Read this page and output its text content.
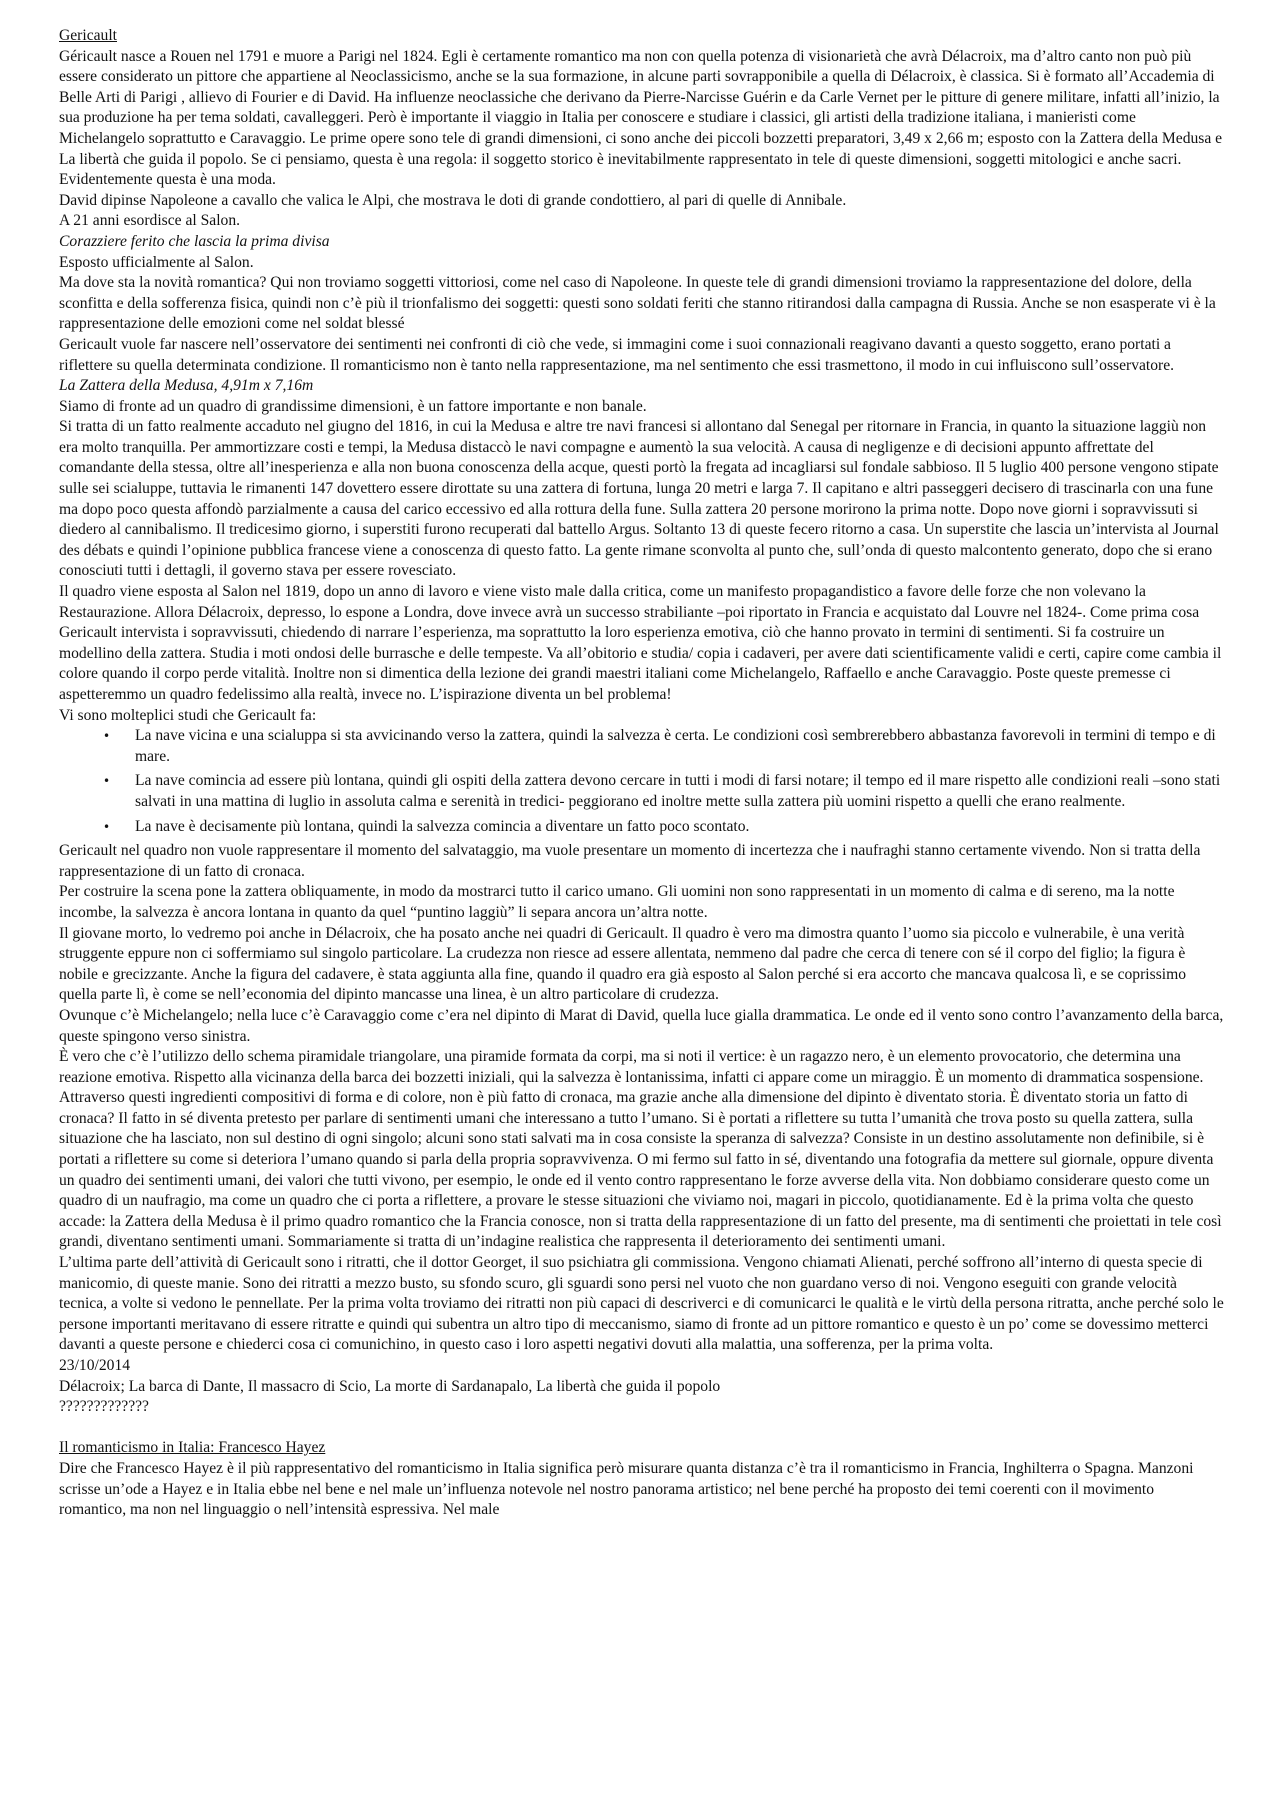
Gericault

Géricault nasce a Rouen nel 1791 e muore a Parigi nel 1824. Egli è certamente romantico ma non con quella potenza di visionarietà che avrà Délacroix, ma d’altro canto non può più essere considerato un pittore che appartiene al Neoclassicismo, anche se la sua formazione, in alcune parti sovrapponibile a quella di Délacroix, è classica. Si è formato all’Accademia di Belle Arti di Parigi , allievo di Fourier e di David. Ha influenze neoclassiche che derivano da Pierre-Narcisse Guérin e da Carle Vernet per le pitture di genere militare, infatti all’inizio, la sua produzione ha per tema soldati, cavalleggeri. Però è importante il viaggio in Italia per conoscere e studiare i classici, gli artisti della tradizione italiana, i manieristi come Michelangelo soprattutto e Caravaggio. Le prime opere sono tele di grandi dimensioni, ci sono anche dei piccoli bozzetti preparatori, 3,49 x 2,66 m; esposto con la Zattera della Medusa e La libertà che guida il popolo. Se ci pensiamo, questa è una regola: il soggetto storico è inevitabilmente rappresentato in tele di queste dimensioni, soggetti mitologici e anche sacri. Evidentemente questa è una moda.

David dipinse Napoleone a cavallo che valica le Alpi, che mostrava le doti di grande condottiero, al pari di quelle di Annibale.

A 21 anni esordisce al Salon.

Corazziere ferito che lascia la prima divisa

Esposto ufficialmente al Salon.

Ma dove sta la novità romantica? Qui non troviamo soggetti vittoriosi, come nel caso di Napoleone. In queste tele di grandi dimensioni troviamo la rappresentazione del dolore, della sconfitta e della sofferenza fisica, quindi non c’è più il trionfalismo dei soggetti: questi sono soldati feriti che stanno ritirandosi dalla campagna di Russia. Anche se non esasperate vi è la rappresentazione delle emozioni come nel soldat blessé

Gericault vuole far nascere nell’osservatore dei sentimenti nei confronti di ciò che vede, si immagini come i suoi connazionali reagivano davanti a questo soggetto, erano portati a riflettere su quella determinata condizione. Il romanticismo non è tanto nella rappresentazione, ma nel sentimento che essi trasmettono, il modo in cui influiscono sull’osservatore.

La Zattera della Medusa, 4,91m x 7,16m

Siamo di fronte ad un quadro di grandissime dimensioni, è un fattore importante e non banale.

Si tratta di un fatto realmente accaduto nel giugno del 1816, in cui la Medusa e altre tre navi francesi si allontano dal Senegal per ritornare in Francia, in quanto la situazione laggiù non era molto tranquilla. Per ammortizzare costi e tempi, la Medusa distaccò le navi compagne e aumentò la sua velocità. A causa di negligenze e di decisioni appunto affrettate del comandante della stessa, oltre all’inesperienza e alla non buona conoscenza della acque, questi portò la fregata ad incagliarsi sul fondale sabbioso. Il 5 luglio 400 persone vengono stipate sulle sei scialuppe, tuttavia le rimanenti 147 dovettero essere dirottate su una zattera di fortuna, lunga 20 metri e larga 7. Il capitano e altri passeggeri decisero di trascinarla con una fune ma dopo poco questa affondò parzialmente a causa del carico eccessivo ed alla rottura della fune. Sulla zattera 20 persone morirono la prima notte. Dopo nove giorni i sopravvissuti si diedero al cannibalismo. Il tredicesimo giorno, i superstiti furono recuperati dal battello Argus. Soltanto 13 di queste fecero ritorno a casa. Un superstite che lascia un’intervista al Journal des débats e quindi l’opinione pubblica francese viene a conoscenza di questo fatto. La gente rimane sconvolta al punto che, sull’onda di questo malcontento generato, dopo che si erano conosciuti tutti i dettagli, il governo stava per essere rovesciato.

Il quadro viene esposta al Salon nel 1819, dopo un anno di lavoro e viene visto male dalla critica, come un manifesto propagandistico a favore delle forze che non volevano la Restaurazione. Allora Délacroix, depresso, lo espone a Londra, dove invece avrà un successo strabiliante –poi riportato in Francia e acquistato dal Louvre nel 1824-. Come prima cosa Gericault intervista i sopravvissuti, chiedendo di narrare l’esperienza, ma soprattutto la loro esperienza emotiva, ciò che hanno provato in termini di sentimenti. Si fa costruire un modellino della zattera. Studia i moti ondosi delle burrasche e delle tempeste. Va all’obitorio e studia/ copia i cadaveri, per avere dati scientificamente validi e certi, capire come cambia il colore quando il corpo perde vitalità. Inoltre non si dimentica della lezione dei grandi maestri italiani come Michelangelo, Raffaello e anche Caravaggio. Poste queste premesse ci aspetteremmo un quadro fedelissimo alla realtà, invece no. L’ispirazione diventa un bel problema!

Vi sono molteplici studi che Gericault fa:

• La nave vicina e una scialuppa si sta avvicinando verso la zattera, quindi la salvezza è certa. Le condizioni così sembrerebbero abbastanza favorevoli in termini di tempo e di mare.
• La nave comincia ad essere più lontana, quindi gli ospiti della zattera devono cercare in tutti i modi di farsi notare; il tempo ed il mare rispetto alle condizioni reali –sono stati salvati in una mattina di luglio in assoluta calma e serenità in tredici- peggiorano ed inoltre mette sulla zattera più uomini rispetto a quelli che erano realmente.
• La nave è decisamente più lontana, quindi la salvezza comincia a diventare un fatto poco scontato.

Gericault nel quadro non vuole rappresentare il momento del salvataggio, ma vuole presentare un momento di incertezza che i naufraghi stanno certamente vivendo. Non si tratta della rappresentazione di un fatto di cronaca.

Per costruire la scena pone la zattera obliquamente, in modo da mostrarci tutto il carico umano. Gli uomini non sono rappresentati in un momento di calma e di sereno, ma la notte incombe, la salvezza è ancora lontana in quanto da quel “puntino laggiù” li separa ancora un’altra notte.

Il giovane morto, lo vedremo poi anche in Délacroix, che ha posato anche nei quadri di Gericault. Il quadro è vero ma dimostra quanto l’uomo sia piccolo e vulnerabile, è una verità struggente eppure non ci soffermiamo sul singolo particolare. La crudezza non riesce ad essere allentata, nemmeno dal padre che cerca di tenere con sé il corpo del figlio; la figura è nobile e grecizzante. Anche la figura del cadavere, è stata aggiunta alla fine, quando il quadro era già esposto al Salon perché si era accorto che mancava qualcosa lì, e se coprissimo quella parte lì, è come se nell’economia del dipinto mancasse una linea, è un altro particolare di crudezza.

Ovunque c’è Michelangelo; nella luce c’è Caravaggio come c’era nel dipinto di Marat di David, quella luce gialla drammatica. Le onde ed il vento sono contro l’avanzamento della barca, queste spingono verso sinistra.

È vero che c’è l’utilizzo dello schema piramidale triangolare, una piramide formata da corpi, ma si noti il vertice: è un ragazzo nero, è un elemento provocatorio, che determina una reazione emotiva. Rispetto alla vicinanza della barca dei bozzetti iniziali, qui la salvezza è lontanissima, infatti ci appare come un miraggio. È un momento di drammatica sospensione.

Attraverso questi ingredienti compositivi di forma e di colore, non è più fatto di cronaca, ma grazie anche alla dimensione del dipinto è diventato storia. È diventato storia un fatto di cronaca? Il fatto in sé diventa pretesto per parlare di sentimenti umani che interessano a tutto l’umano. Si è portati a riflettere su tutta l’umanità che trova posto su quella zattera, sulla situazione che ha lasciato, non sul destino di ogni singolo; alcuni sono stati salvati ma in cosa consiste la speranza di salvezza? Consiste in un destino assolutamente non definibile, si è portati a riflettere su come si deteriora l’umano quando si parla della propria sopravvivenza. O mi fermo sul fatto in sé, diventando una fotografia da mettere sul giornale, oppure diventa un quadro dei sentimenti umani, dei valori che tutti vivono, per esempio, le onde ed il vento contro rappresentano le forze avverse della vita. Non dobbiamo considerare questo come un quadro di un naufragio, ma come un quadro che ci porta a riflettere, a provare le stesse situazioni che viviamo noi, magari in piccolo, quotidianamente. Ed è la prima volta che questo accade: la Zattera della Medusa è il primo quadro romantico che la Francia conosce, non si tratta della rappresentazione di un fatto del presente, ma di sentimenti che proiettati in tele così grandi, diventano sentimenti umani. Sommariamente si tratta di un’indagine realistica che rappresenta il deterioramento dei sentimenti umani.

L’ultima parte dell’attività di Gericault sono i ritratti, che il dottor Georget, il suo psichiatra gli commissiona. Vengono chiamati Alienati, perché soffrono all’interno di questa specie di manicomio, di queste manie. Sono dei ritratti a mezzo busto, su sfondo scuro, gli sguardi sono persi nel vuoto che non guardano verso di noi. Vengono eseguiti con grande velocità tecnica, a volte si vedono le pennellate. Per la prima volta troviamo dei ritratti non più capaci di descriverci e di comunicarci le qualità e le virtù della persona ritratta, anche perché solo le persone importanti meritavano di essere ritratte e quindi qui subentra un altro tipo di meccanismo, siamo di fronte ad un pittore romantico e questo è un po’ come se dovessimo metterci davanti a queste persone e chiederci cosa ci comunichino, in questo caso i loro aspetti negativi dovuti alla malattia, una sofferenza, per la prima volta.

23/10/2014

Délacroix; La barca di Dante, Il massacro di Scio, La morte di Sardanapalo, La libertà che guida il popolo

?????????????

Il romanticismo in Italia: Francesco Hayez

Dire che Francesco Hayez è il più rappresentativo del romanticismo in Italia significa però misurare quanta distanza c’è tra il romanticismo in Francia, Inghilterra o Spagna. Manzoni scrisse un’ode a Hayez e in Italia ebbe nel bene e nel male un’influenza notevole nel nostro panorama artistico; nel bene perché ha proposto dei temi coerenti con il movimento romantico, ma non nel linguaggio o nell’intensità espressiva. Nel male
